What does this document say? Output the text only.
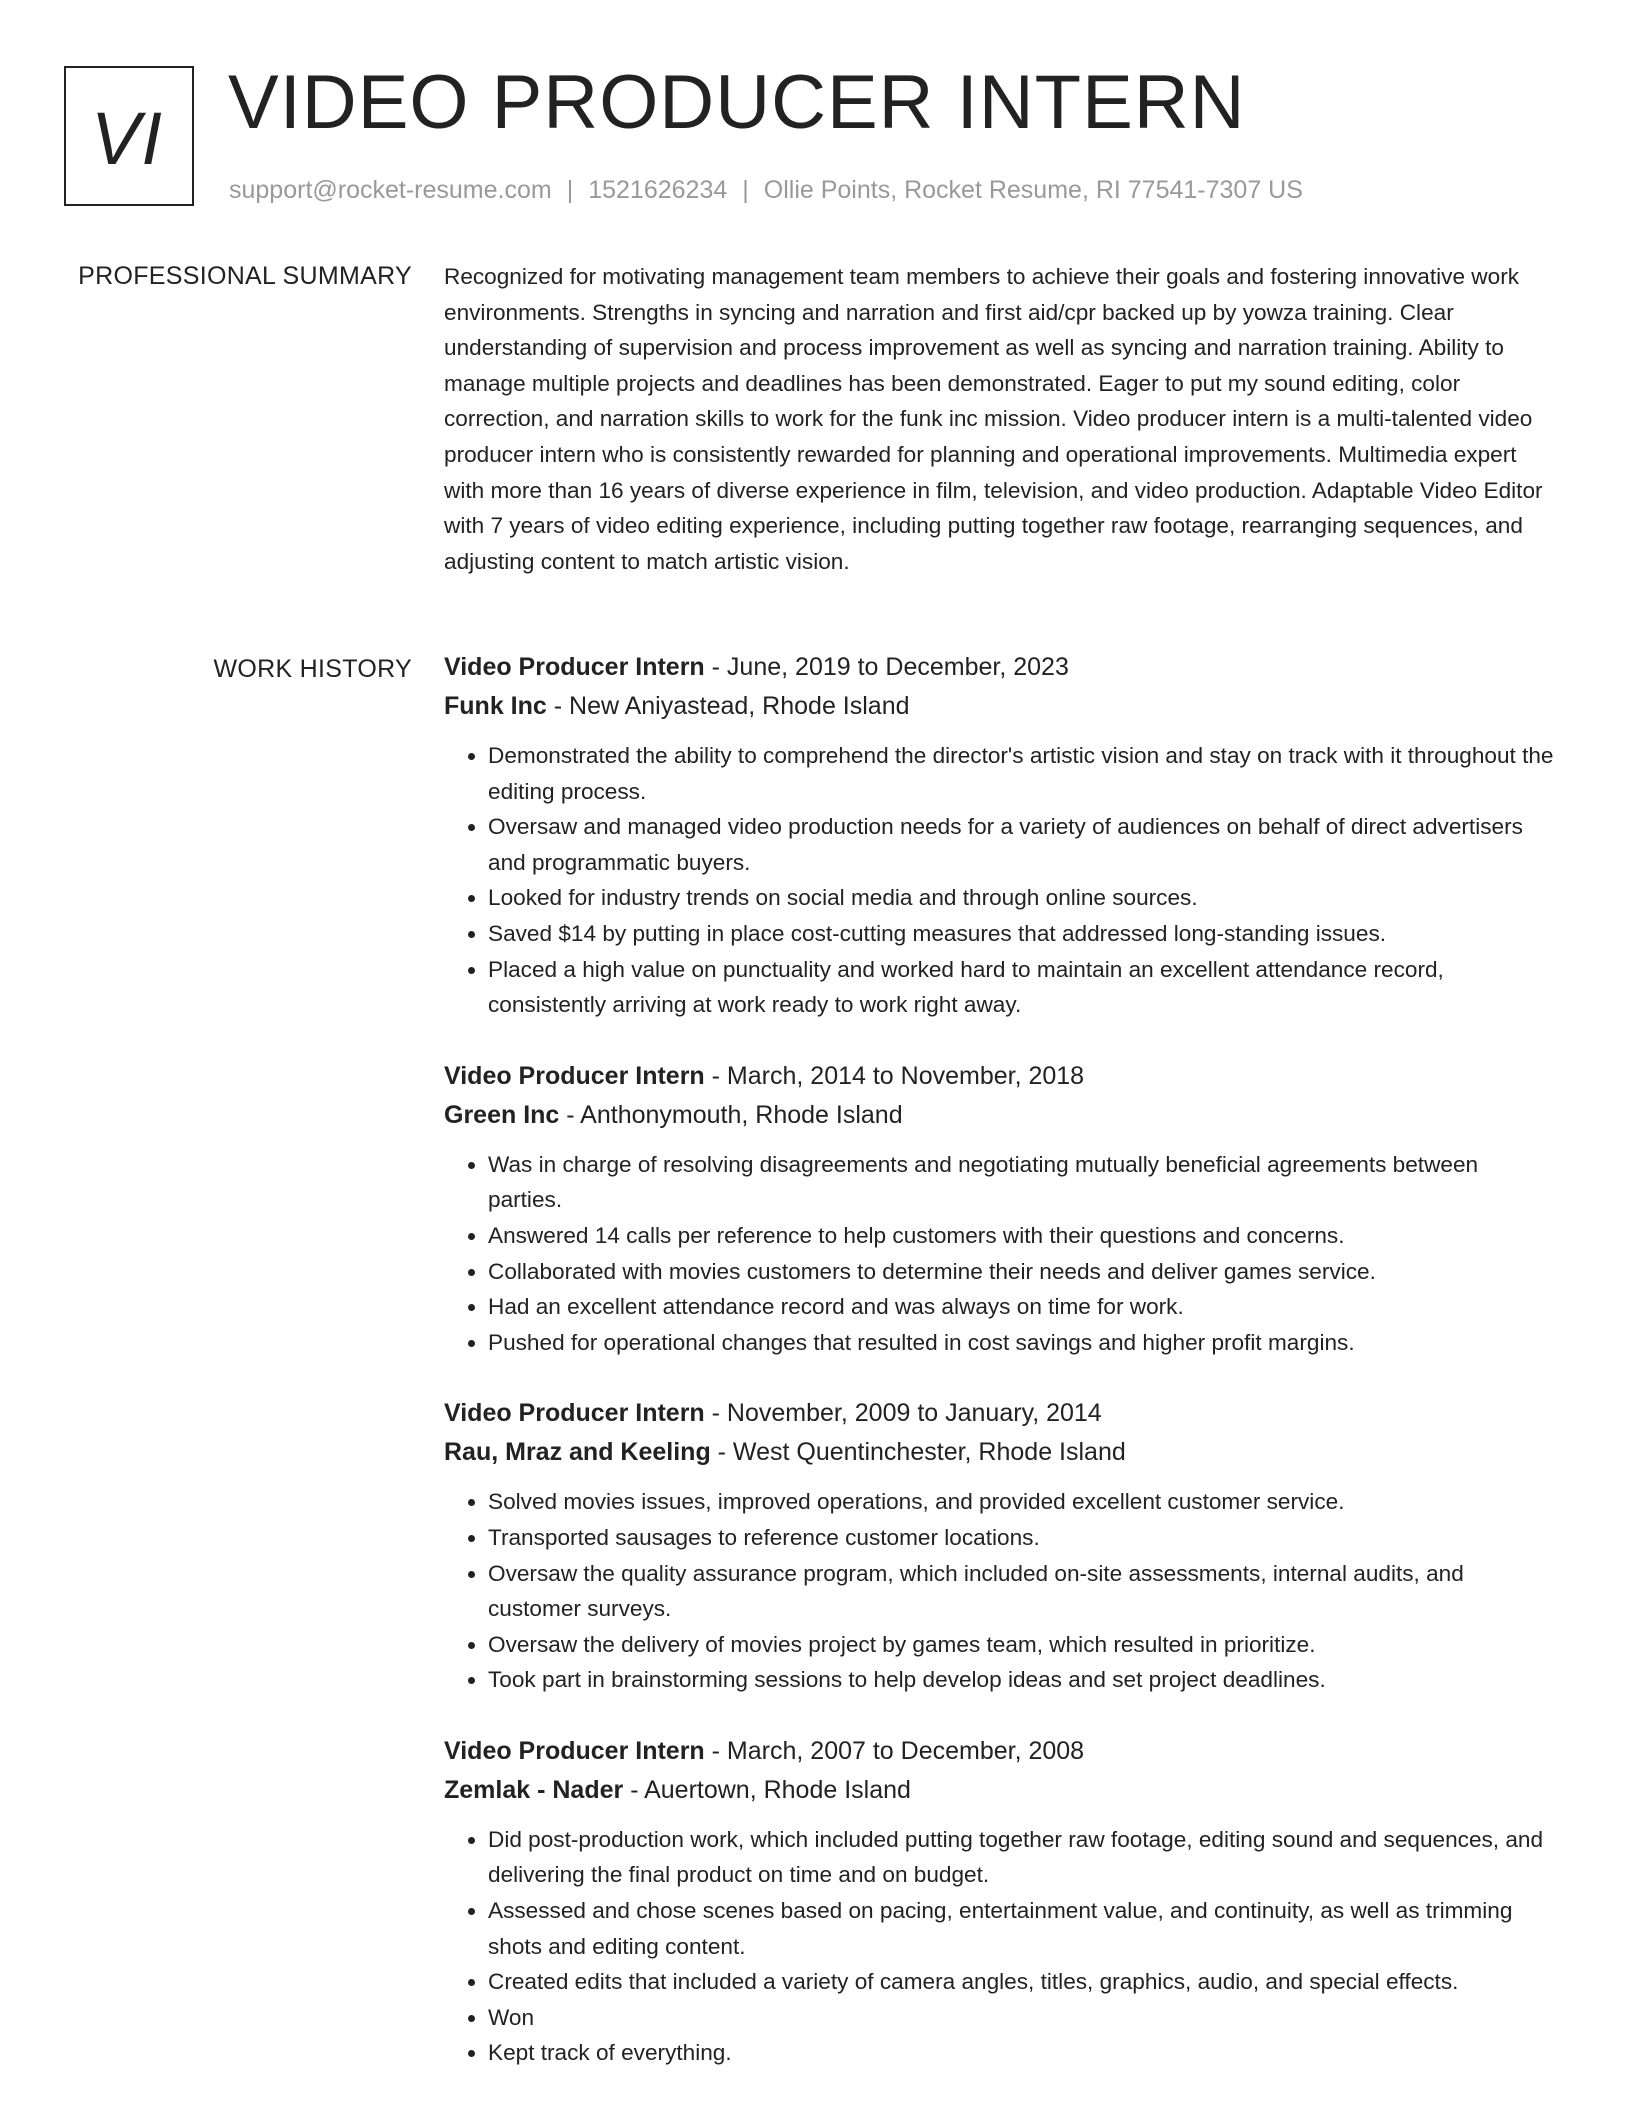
VI VIDEO PRODUCER INTERN
support@rocket-resume.com | 1521626234 | Ollie Points, Rocket Resume, RI 77541-7307 US
PROFESSIONAL SUMMARY Recognized for motivating management team members to achieve their goals and fostering innovative work environments. Strengths in syncing and narration and first aid/cpr backed up by yowza training. Clear understanding of supervision and process improvement as well as syncing and narration training. Ability to manage multiple projects and deadlines has been demonstrated. Eager to put my sound editing, color correction, and narration skills to work for the funk inc mission. Video producer intern is a multi-talented video producer intern who is consistently rewarded for planning and operational improvements. Multimedia expert with more than 16 years of diverse experience in film, television, and video production. Adaptable Video Editor with 7 years of video editing experience, including putting together raw footage, rearranging sequences, and adjusting content to match artistic vision.

WORK HISTORY Video Producer Intern - June, 2019 to December, 2023
Funk Inc - New Aniyastead, Rhode Island
• Demonstrated the ability to comprehend the director's artistic vision and stay on track with it throughout the editing process.
• Oversaw and managed video production needs for a variety of audiences on behalf of direct advertisers and programmatic buyers.
• Looked for industry trends on social media and through online sources.
• Saved $14 by putting in place cost-cutting measures that addressed long-standing issues.
• Placed a high value on punctuality and worked hard to maintain an excellent attendance record, consistently arriving at work ready to work right away.
Video Producer Intern - March, 2014 to November, 2018
Green Inc - Anthonymouth, Rhode Island
• Was in charge of resolving disagreements and negotiating mutually beneficial agreements between parties.
• Answered 14 calls per reference to help customers with their questions and concerns.
• Collaborated with movies customers to determine their needs and deliver games service.
• Had an excellent attendance record and was always on time for work.
• Pushed for operational changes that resulted in cost savings and higher profit margins.
Video Producer Intern - November, 2009 to January, 2014
Rau, Mraz and Keeling - West Quentinchester, Rhode Island
• Solved movies issues, improved operations, and provided excellent customer service.
• Transported sausages to reference customer locations.
• Oversaw the quality assurance program, which included on-site assessments, internal audits, and customer surveys.
• Oversaw the delivery of movies project by games team, which resulted in prioritize.
• Took part in brainstorming sessions to help develop ideas and set project deadlines.
Video Producer Intern - March, 2007 to December, 2008
Zemlak - Nader - Auertown, Rhode Island
• Did post-production work, which included putting together raw footage, editing sound and sequences, and delivering the final product on time and on budget.
• Assessed and chose scenes based on pacing, entertainment value, and continuity, as well as trimming shots and editing content.
• Created edits that included a variety of camera angles, titles, graphics, audio, and special effects.
• Won
• Kept track of everything.
